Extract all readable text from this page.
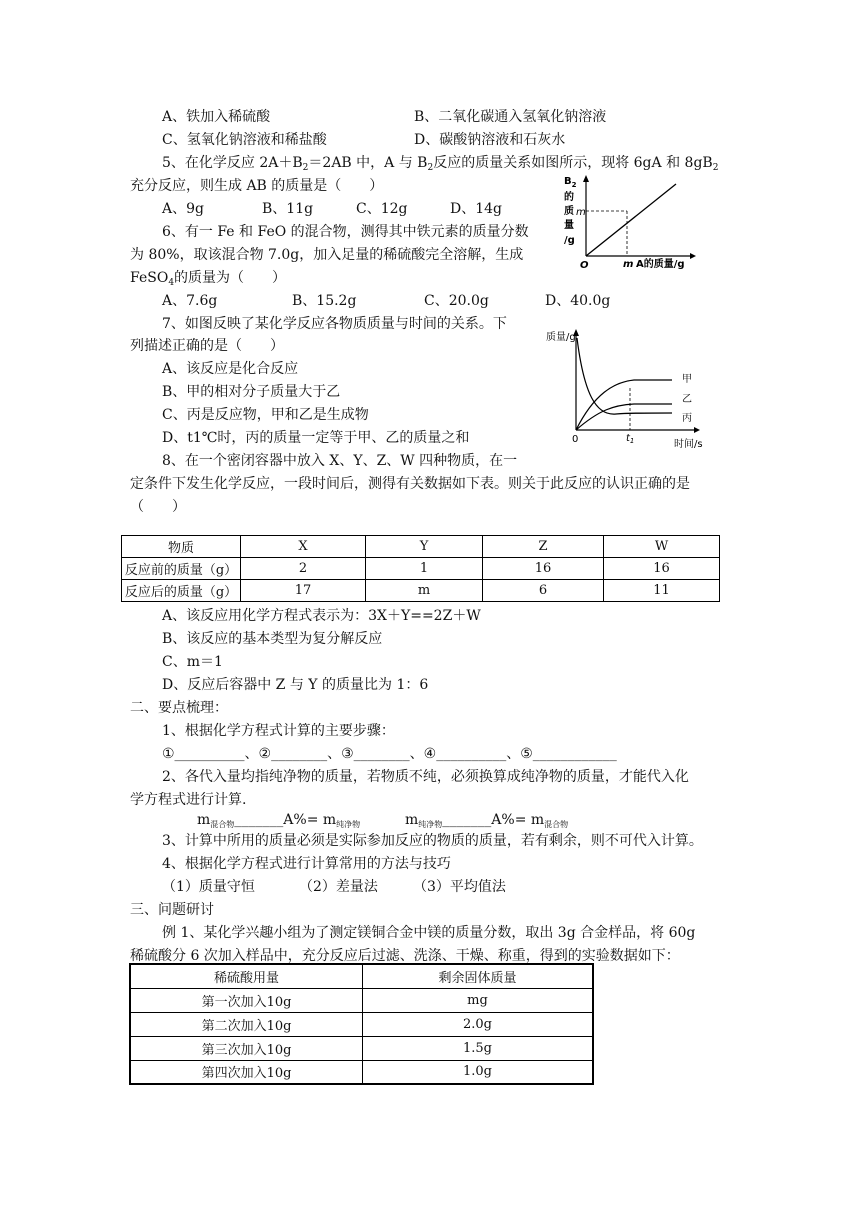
A、铁加入稀硫酸	B、二氧化碳通入氢氧化钠溶液
C、氢氧化钠溶液和稀盐酸	D、碳酸钠溶液和石灰水
5、在化学反应 $2A+B_2=2AB$ 中，A 与 $B_2$反应的质量关系如图所示，现将 6gA 和 $8gB_2$
充分反应，则生成 AB 的质量是（　　）
A、9g	B、11g	C、12g	D、14g
$B_2$
的
质
量
/g
m
O	m A的质量/g
6、有一 Fe 和 FeO 的混合物，测得其中铁元素的质量分数
为 80%，取该混合物 7.0g，加入足量的稀硫酸完全溶解，生成
FeSO$_4$的质量为（　　）
A、7.6g	B、15.2g	C、20.0g	D、40.0g
7、如图反映了某化学反应各物质质量与时间的关系。下
列描述正确的是（　　）
A、该反应是化合反应
B、甲的相对分子质量大于乙
C、丙是反应物，甲和乙是生成物
D、t1℃时，丙的质量一定等于甲、乙的质量之和
质量/g
0	$t_1$	时间/s
甲
乙
丙
8、在一个密闭容器中放入 X、Y、Z、W 四种物质，在一
定条件下发生化学反应，一段时间后，测得有关数据如下表。则关于此反应的认识正确的是
（　　）
物质	X	Y	Z	W
反应前的质量（g）	2	1	16	16
反应后的质量（g）	17	m	6	11
A、该反应用化学方程式表示为：3X＋Y==2Z＋W
B、该反应的基本类型为复分解反应
C、m＝1
D、反应后容器中 Z 与 Y 的质量比为 1：6
二、要点梳理：
1、根据化学方程式计算的主要步骤：
①__________、②________、③________、④__________、⑤____________
2、各代入量均指纯净物的质量，若物质不纯，必须换算成纯净物的质量，才能代入化
学方程式进行计算.
$m_{混合物}\_\_\_\_\_\_\_A\%= m_{纯净物}$	$m_{纯净物}\_\_\_\_\_\_\_A\%= m_{混合物}$
3、计算中所用的质量必须是实际参加反应的物质的质量，若有剩余，则不可代入计算。
4、根据化学方程式进行计算常用的方法与技巧
（1）质量守恒	（2）差量法	（3）平均值法
三、问题研讨
例 1、某化学兴趣小组为了测定镁铜合金中镁的质量分数，取出 3g 合金样品，将 60g
稀硫酸分 6 次加入样品中，充分反应后过滤、洗涤、干燥、称重，得到的实验数据如下：
稀硫酸用量	剩余固体质量
第一次加入10g	mg
第二次加入10g	2.0g
第三次加入10g	1.5g
第四次加入10g	1.0g
